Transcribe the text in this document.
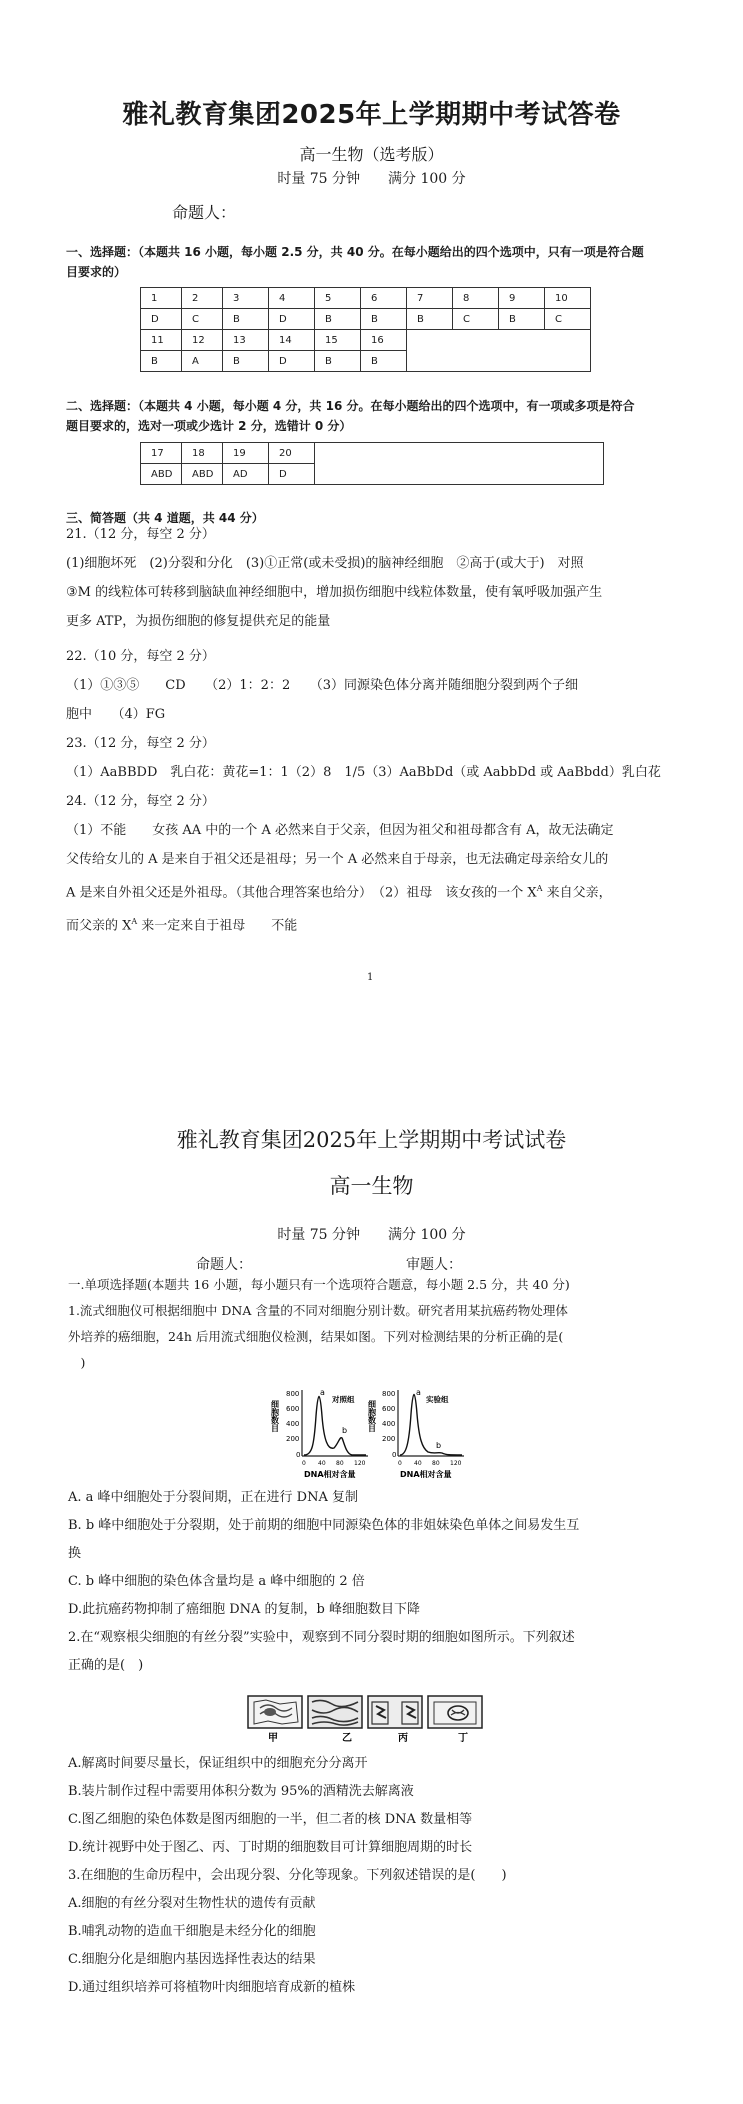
雅礼教育集团2025年上学期期中考试答卷
高一生物（选考版）
时量 75 分钟　　满分 100 分
命题人：
一、选择题：（本题共 16 小题，每小题 2.5 分，共 40 分。在每小题给出的四个选项中，只有一项是符合题
目要求的）
1	2	3	4	5	6	7	8	9	10
D	C	B	D	B	B	B	C	B	C
11	12	13	14	15	16				
B	A	B	D	B	B				
二、选择题：（本题共 4 小题，每小题 4 分，共 16 分。在每小题给出的四个选项中，有一项或多项是符合
题目要求的，选对一项或少选计 2 分，选错计 0 分）
17	18	19	20	
ABD	ABD	AD	D	
三、简答题（共 4 道题，共 44 分）
21.（12 分，每空 2 分）
(1)细胞坏死　(2)分裂和分化　(3)①正常(或未受损)的脑神经细胞　②高于(或大于)　对照
③M 的线粒体可转移到脑缺血神经细胞中，增加损伤细胞中线粒体数量，使有氧呼吸加强产生
更多 ATP，为损伤细胞的修复提供充足的能量
22.（10 分，每空 2 分）
（1）①③⑤　　CD　　（2）1：2：2　　（3）同源染色体分离并随细胞分裂到两个子细
胞中　　（4）FG
23.（12 分，每空 2 分）
（1）AaBBDD　乳白花：黄花=1：1（2）8　1/5（3）AaBbDd（或 AabbDd 或 AaBbdd）乳白花
24.（12 分，每空 2 分）
（1）不能　　女孩 AA 中的一个 A 必然来自于父亲，但因为祖父和祖母都含有 A，故无法确定
父传给女儿的 A 是来自于祖父还是祖母；另一个 A 必然来自于母亲，也无法确定母亲给女儿的
A 是来自外祖父还是外祖母。（其他合理答案也给分）　（2）祖母　该女孩的一个 $X^A$ 来自父亲，
而父亲的 $X^A$ 来一定来自于祖母　　不能
1
雅礼教育集团2025年上学期期中考试试卷
高一生物
时量 75 分钟　　满分 100 分
命题人：	审题人：
一.单项选择题(本题共 16 小题，每小题只有一个选项符合题意，每小题 2.5 分，共 40 分)
1.流式细胞仪可根据细胞中 DNA 含量的不同对细胞分别计数。研究者用某抗癌药物处理体
外培养的癌细胞，24h 后用流式细胞仪检测，结果如图。下列对检测结果的分析正确的是(
　)
细胞数目
800
600
400
200
0
a
b
对照组
0 40 80 120
DNA相对含量
细胞数目
800
600
400
200
0
a
b
实验组
0 40 80 120
DNA相对含量
A. a 峰中细胞处于分裂间期，正在进行 DNA 复制
B. b 峰中细胞处于分裂期，处于前期的细胞中同源染色体的非姐妹染色单体之间易发生互
换
C. b 峰中细胞的染色体含量均是 a 峰中细胞的 2 倍
D.此抗癌药物抑制了癌细胞 DNA 的复制，b 峰细胞数目下降
2.在“观察根尖细胞的有丝分裂”实验中，观察到不同分裂时期的细胞如图所示。下列叙述
正确的是(　)
甲	乙	丙	丁
A.解离时间要尽量长，保证组织中的细胞充分分离开
B.装片制作过程中需要用体积分数为 95%的酒精洗去解离液
C.图乙细胞的染色体数是图丙细胞的一半，但二者的核 DNA 数量相等
D.统计视野中处于图乙、丙、丁时期的细胞数目可计算细胞周期的时长
3.在细胞的生命历程中，会出现分裂、分化等现象。下列叙述错误的是(　　)
A.细胞的有丝分裂对生物性状的遗传有贡献
B.哺乳动物的造血干细胞是未经分化的细胞
C.细胞分化是细胞内基因选择性表达的结果
D.通过组织培养可将植物叶肉细胞培育成新的植株
